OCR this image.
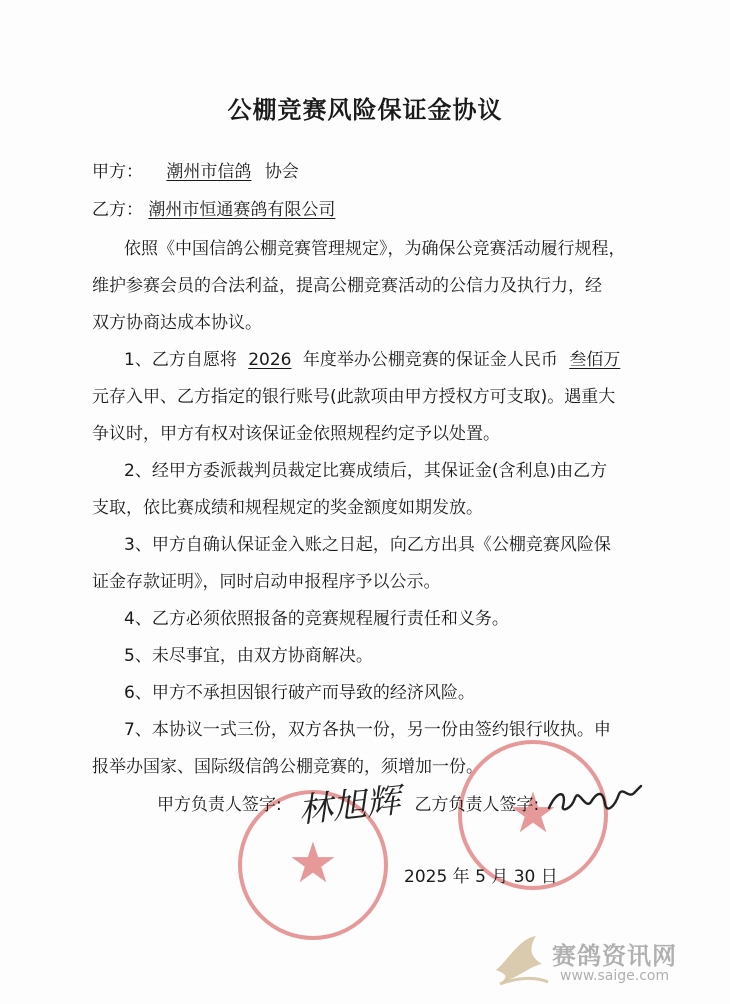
公棚竞赛风险保证金协议
甲方： 潮州市信鸽 协会
乙方： 潮州市恒通赛鸽有限公司
依照《中国信鸽公棚竞赛管理规定》，为确保公竞赛活动履行规程，
维护参赛会员的合法利益，提高公棚竞赛活动的公信力及执行力，经
双方协商达成本协议。
1、乙方自愿将 2026 年度举办公棚竞赛的保证金人民币 叁佰万
元存入甲、乙方指定的银行账号(此款项由甲方授权方可支取)。遇重大
争议时，甲方有权对该保证金依照规程约定予以处置。
2、经甲方委派裁判员裁定比赛成绩后，其保证金(含利息)由乙方
支取，依比赛成绩和规程规定的奖金额度如期发放。
3、甲方自确认保证金入账之日起，向乙方出具《公棚竞赛风险保
证金存款证明》，同时启动申报程序予以公示。
4、乙方必须依照报备的竞赛规程履行责任和义务。
5、未尽事宜，由双方协商解决。
6、甲方不承担因银行破产而导致的经济风险。
7、本协议一式三份，双方各执一份，另一份由签约银行收执。申
报举办国家、国际级信鸽公棚竞赛的，须增加一份。
★
★
甲方负责人签字:	乙方负责人签字:
林旭辉
2025 年 5 月 30 日
赛鸽资讯网
www.saige.com
